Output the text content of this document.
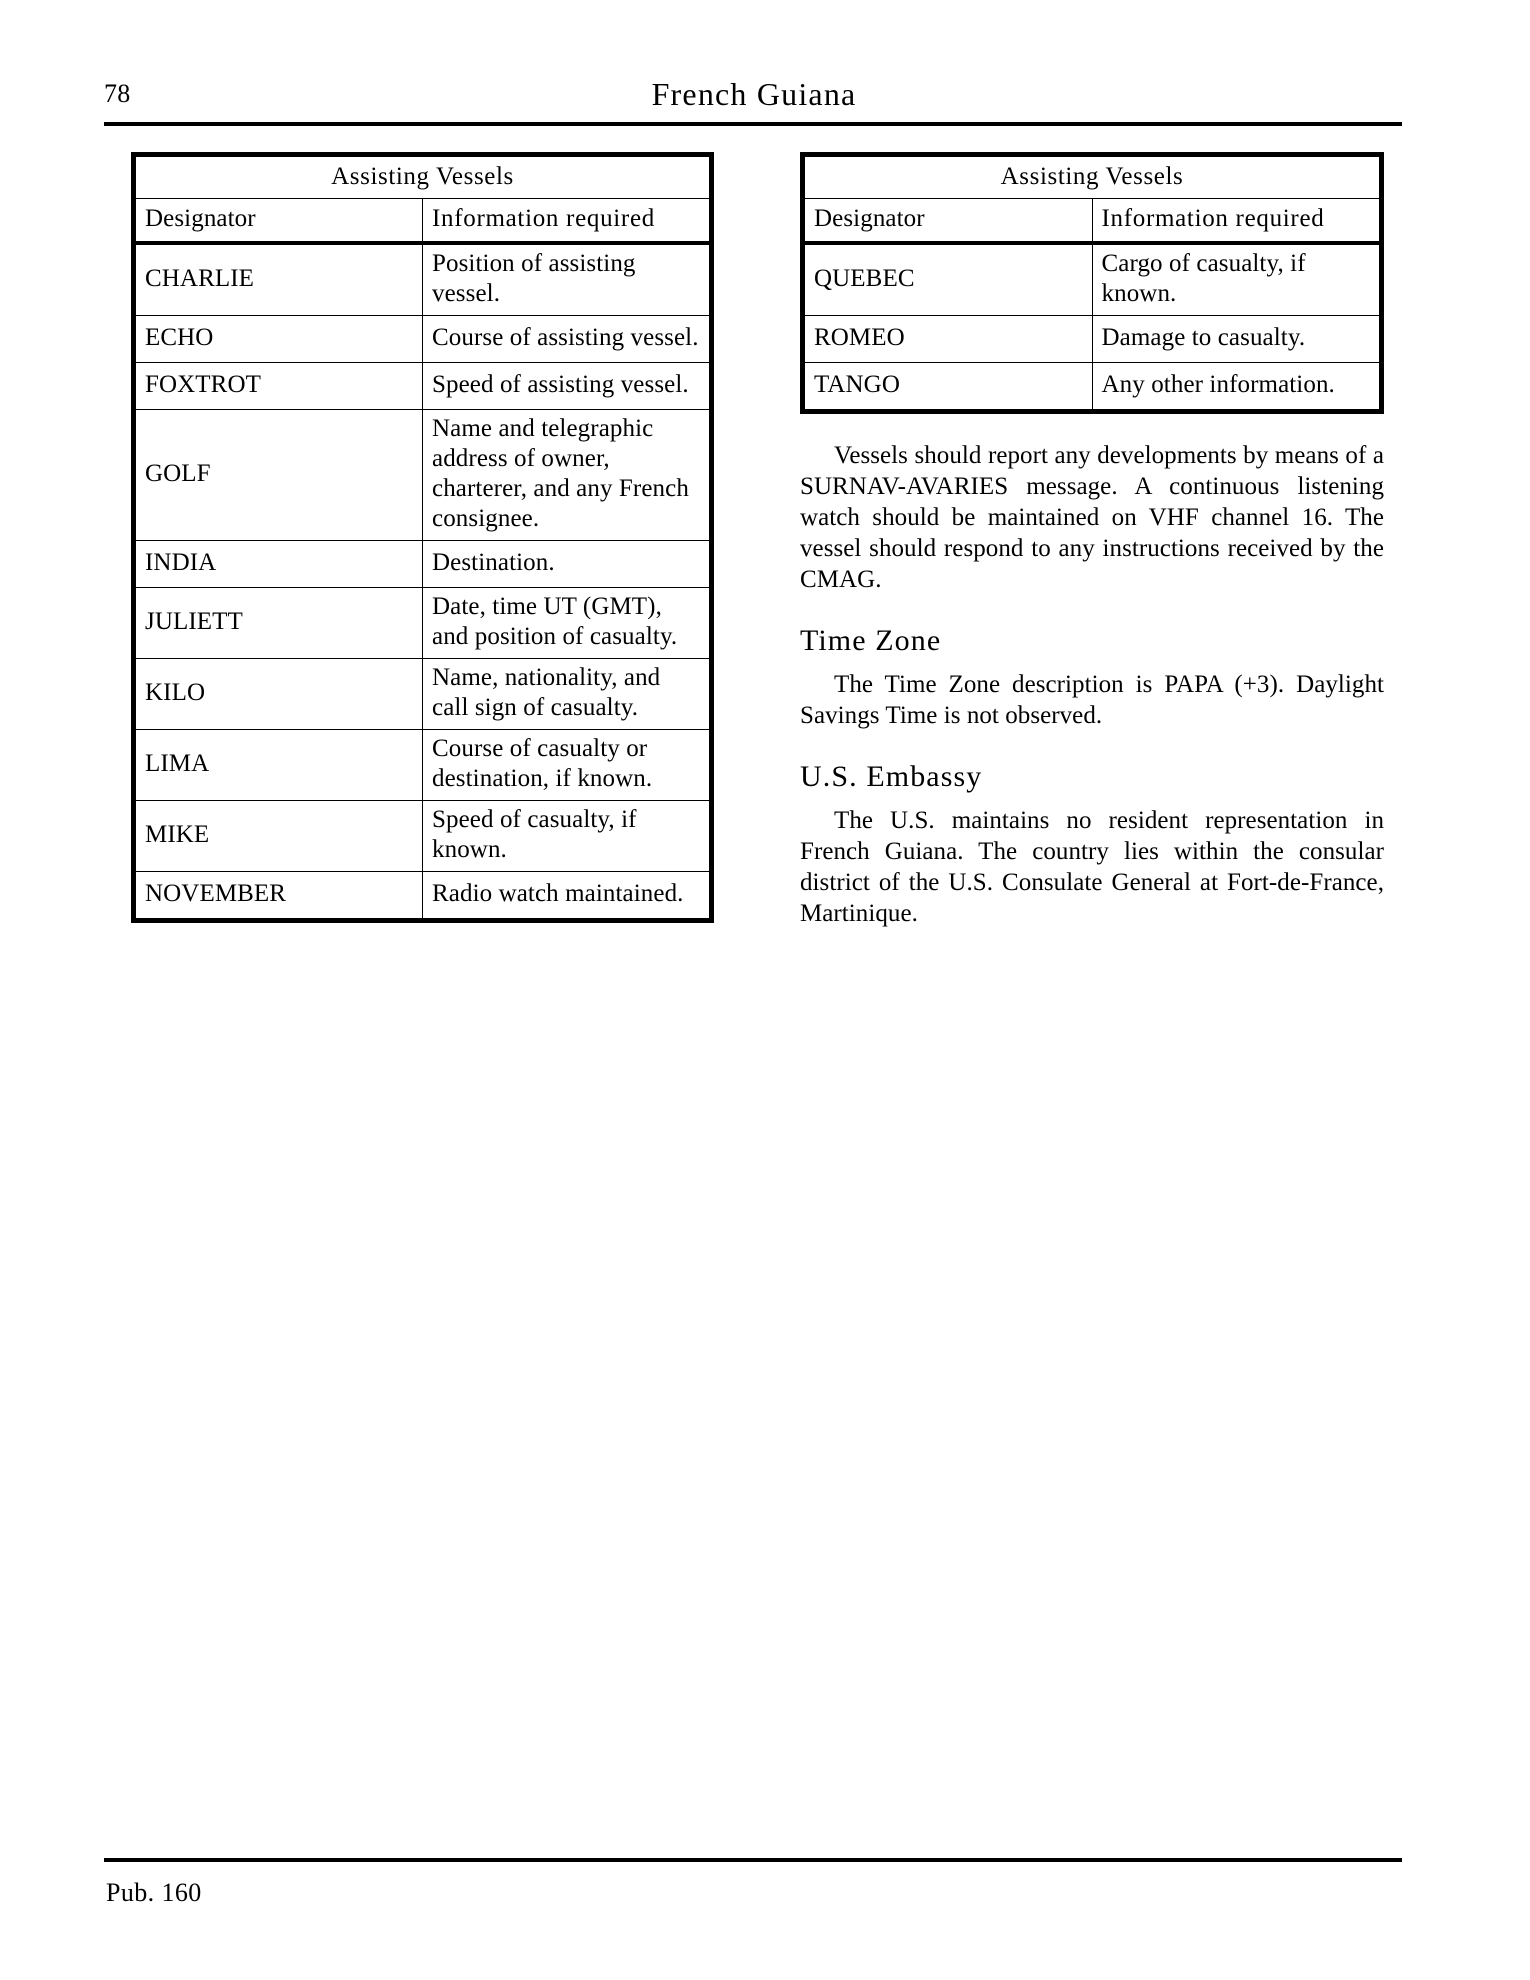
78	French Guiana
Assisting Vessels	
Designator	Information required
CHARLIE	Position of assisting vessel.
ECHO	Course of assisting vessel.
FOXTROT	Speed of assisting vessel.
GOLF	Name and telegraphic address of owner, charterer, and any French consignee.
INDIA	Destination.
JULIETT	Date, time UT (GMT), and position of casualty.
KILO	Name, nationality, and call sign of casualty.
LIMA	Course of casualty or destination, if known.
MIKE	Speed of casualty, if known.
NOVEMBER	Radio watch maintained.
Assisting Vessels	
Designator	Information required
QUEBEC	Cargo of casualty, if known.
ROMEO	Damage to casualty.
TANGO	Any other information.

Vessels should report any developments by means of a SURNAV-AVARIES message. A continuous listening watch should be maintained on VHF channel 16. The vessel should respond to any instructions received by the CMAG.

Time Zone

The Time Zone description is PAPA (+3). Daylight Savings Time is not observed.

U.S. Embassy

The U.S. maintains no resident representation in French Guiana. The country lies within the consular district of the U.S. Consulate General at Fort-de-France, Martinique.

Pub. 160
